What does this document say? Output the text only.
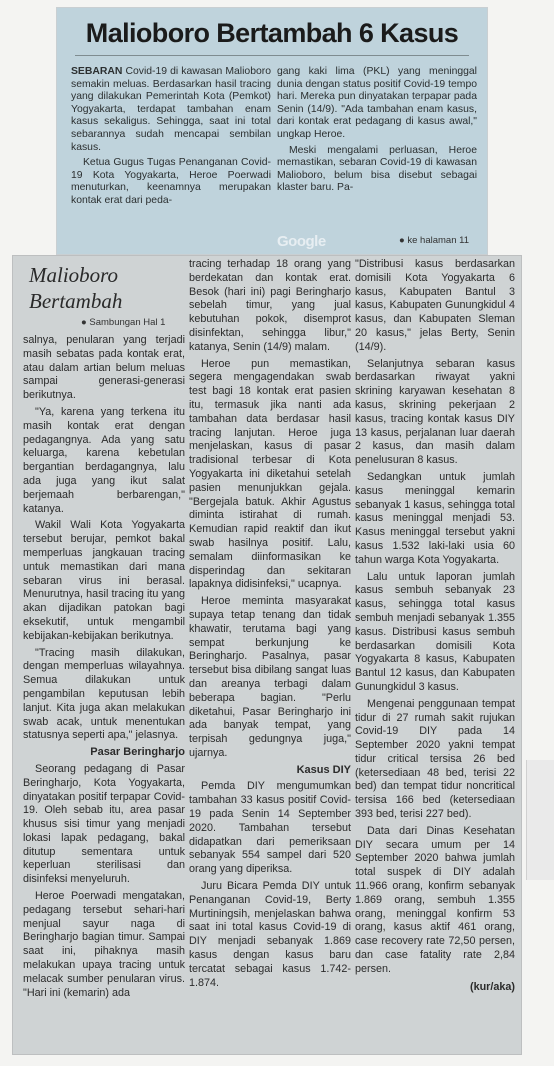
Malioboro Bertambah 6 Kasus

SEBARAN Covid-19 di kawasan Malioboro semakin meluas. Berdasarkan hasil tracing yang dilakukan Pemerintah Kota (Pemkot) Yogyakarta, terdapat tambahan enam kasus sekaligus. Sehingga, saat ini total sebarannya sudah mencapai sembilan kasus.

Ketua Gugus Tugas Penanganan Covid-19 Kota Yogyakarta, Heroe Poerwadi menuturkan, keenamnya merupakan kontak erat dari peda-

gang kaki lima (PKL) yang meninggal dunia dengan status positif Covid-19 tempo hari. Mereka pun dinyatakan terpapar pada Senin (14/9). "Ada tambahan enam kasus, dari kontak erat pedagang di kasus awal," ungkap Heroe.

Meski mengalami perluasan, Heroe memastikan, sebaran Covid-19 di kawasan Malioboro, belum bisa disebut sebagai klaster baru. Pa-

Google	● ke halaman 11
Malioboro
Bertambah
● Sambungan Hal 1

salnya, penularan yang terjadi masih sebatas pada kontak erat, atau dalam artian belum meluas sampai generasi-generasi berikutnya.

"Ya, karena yang terkena itu masih kontak erat dengan pedagangnya. Ada yang satu keluarga, karena kebetulan bergantian berdagangnya, lalu ada juga yang ikut salat berjemaah berbarengan," katanya.

Wakil Wali Kota Yogyakarta tersebut berujar, pemkot bakal memperluas jangkauan tracing untuk memastikan dari mana sebaran virus ini berasal. Menurutnya, hasil tracing itu yang akan dijadikan patokan bagi eksekutif, untuk mengambil kebijakan-kebijakan berikutnya.

"Tracing masih dilakukan, dengan memperluas wilayahnya. Semua dilakukan untuk pengambilan keputusan lebih lanjut. Kita juga akan melakukan swab acak, untuk menentukan statusnya seperti apa," jelasnya.

Pasar Beringharjo

Seorang pedagang di Pasar Beringharjo, Kota Yogyakarta, dinyatakan positif terpapar Covid-19. Oleh sebab itu, area pasar khusus sisi timur yang menjadi lokasi lapak pedagang, bakal ditutup sementara untuk keperluan sterilisasi dan disinfeksi menyeluruh.

Heroe Poerwadi mengatakan, pedagang tersebut sehari-hari menjual sayur naga di Beringharjo bagian timur. Sampai saat ini, pihaknya masih melakukan upaya tracing untuk melacak sumber penularan virus. "Hari ini (kemarin) ada

tracing terhadap 18 orang yang berdekatan dan kontak erat. Besok (hari ini) pagi Beringharjo sebelah timur, yang jual kebutuhan pokok, disemprot disinfektan, sehingga libur," katanya, Senin (14/9) malam.

Heroe pun memastikan, segera mengagendakan swab test bagi 18 kontak erat pasien itu, termasuk jika nanti ada tambahan data berdasar hasil tracing lanjutan. Heroe juga menjelaskan, kasus di pasar tradisional terbesar di Kota Yogyakarta ini diketahui setelah pasien menunjukkan gejala. "Bergejala batuk. Akhir Agustus diminta istirahat di rumah. Kemudian rapid reaktif dan ikut swab hasilnya positif. Lalu, semalam diinformasikan ke disperindag dan sekitaran lapaknya didisinfeksi," ucapnya.

Heroe meminta masyarakat supaya tetap tenang dan tidak khawatir, terutama bagi yang sempat berkunjung ke Beringharjo. Pasalnya, pasar tersebut bisa dibilang sangat luas dan areanya terbagi dalam beberapa bagian. "Perlu diketahui, Pasar Beringharjo ini ada banyak tempat, yang terpisah gedungnya juga," ujarnya.

Kasus DIY

Pemda DIY mengumumkan tambahan 33 kasus positif Covid-19 pada Senin 14 September 2020. Tambahan tersebut didapatkan dari pemeriksaan sebanyak 554 sampel dari 520 orang yang diperiksa.

Juru Bicara Pemda DIY untuk Penanganan Covid-19, Berty Murtiningsih, menjelaskan bahwa saat ini total kasus Covid-19 di DIY menjadi sebanyak 1.869 kasus dengan kasus baru tercatat sebagai kasus 1.742-1.874.

"Distribusi kasus berdasarkan domisili Kota Yogyakarta 6 kasus, Kabupaten Bantul 3 kasus, Kabupaten Gunungkidul 4 kasus, dan Kabupaten Sleman 20 kasus," jelas Berty, Senin (14/9).

Selanjutnya sebaran kasus berdasarkan riwayat yakni skrining karyawan kesehatan 8 kasus, skrining pekerjaan 2 kasus, tracing kontak kasus DIY 13 kasus, perjalanan luar daerah 2 kasus, dan masih dalam penelusuran 8 kasus.

Sedangkan untuk jumlah kasus meninggal kemarin sebanyak 1 kasus, sehingga total kasus meninggal menjadi 53. Kasus meninggal tersebut yakni kasus 1.532 laki-laki usia 60 tahun warga Kota Yogyakarta.

Lalu untuk laporan jumlah kasus sembuh sebanyak 23 kasus, sehingga total kasus sembuh menjadi sebanyak 1.355 kasus. Distribusi kasus sembuh berdasarkan domisili Kota Yogyakarta 8 kasus, Kabupaten Bantul 12 kasus, dan Kabupaten Gunungkidul 3 kasus.

Mengenai penggunaan tempat tidur di 27 rumah sakit rujukan Covid-19 DIY pada 14 September 2020 yakni tempat tidur critical tersisa 26 bed (ketersediaan 48 bed, terisi 22 bed) dan tempat tidur noncritical tersisa 166 bed (ketersediaan 393 bed, terisi 227 bed).

Data dari Dinas Kesehatan DIY secara umum per 14 September 2020 bahwa jumlah total suspek di DIY adalah 11.966 orang, konfirm sebanyak 1.869 orang, sembuh 1.355 orang, meninggal konfirm 53 orang, kasus aktif 461 orang, case recovery rate 72,50 persen, dan case fatality rate 2,84 persen.

(kur/aka)
